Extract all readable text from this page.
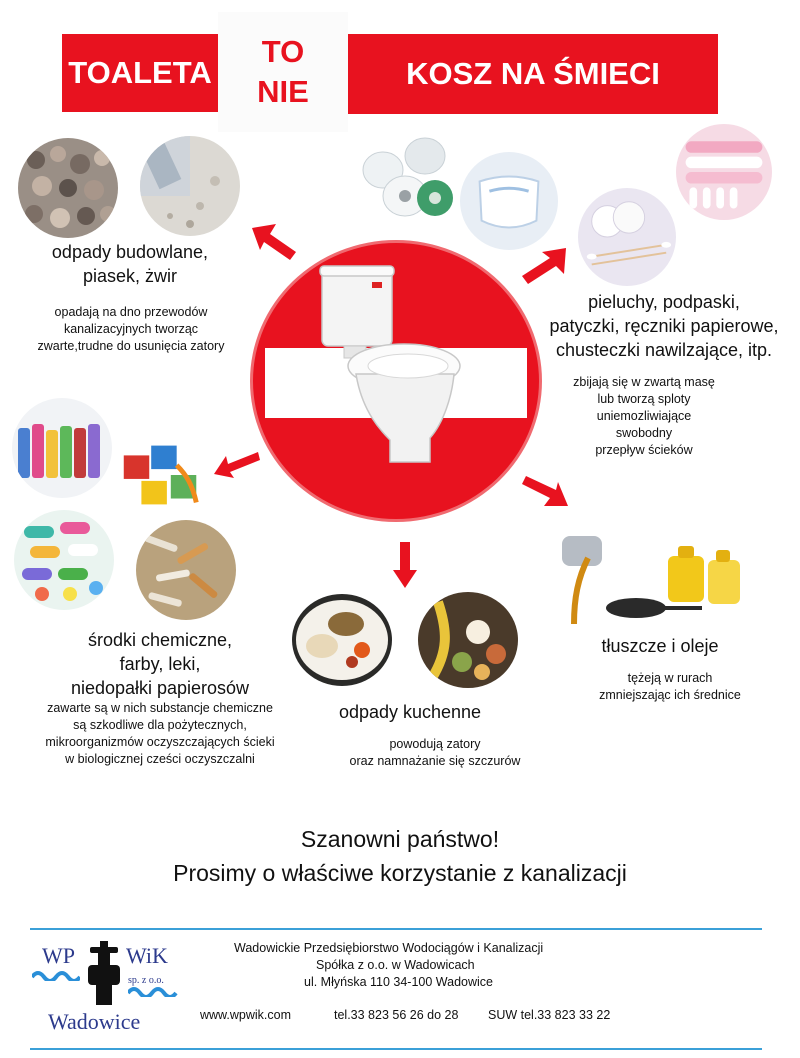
TOALETA
TO
NIE
KOSZ NA ŚMIECI
odpady budowlane,
piasek, żwir
opadają na dno przewodów
kanalizacyjnych tworząc
zwarte,trudne do usunięcia zatory
pieluchy, podpaski,
patyczki, ręczniki papierowe,
chusteczki nawilzające, itp.
zbijają się w zwartą masę
lub tworzą sploty
uniemozliwiające
swobodny
przepływ ścieków
środki chemiczne,
farby, leki,
niedopałki papierosów
zawarte są w nich substancje chemiczne
są szkodliwe dla pożytecznych,
mikroorganizmów oczyszczających ścieki
w biologicznej cześci oczyszczalni
odpady kuchenne
powodują zatory
oraz namnażanie się szczurów
tłuszcze i oleje
tężeją w rurach
zmniejszając ich średnice
Szanowni państwo!
Prosimy o właściwe korzystanie z kanalizacji
WP WiK
sp. z o.o.
Wadowice
Wadowickie Przedsiębiorstwo Wodociągów i Kanalizacji
Spółka z o.o. w Wadowicach
ul. Młyńska 110 34-100 Wadowice
www.wpwik.com	tel.33 823 56 26 do 28 SUW tel.33 823 33 22
